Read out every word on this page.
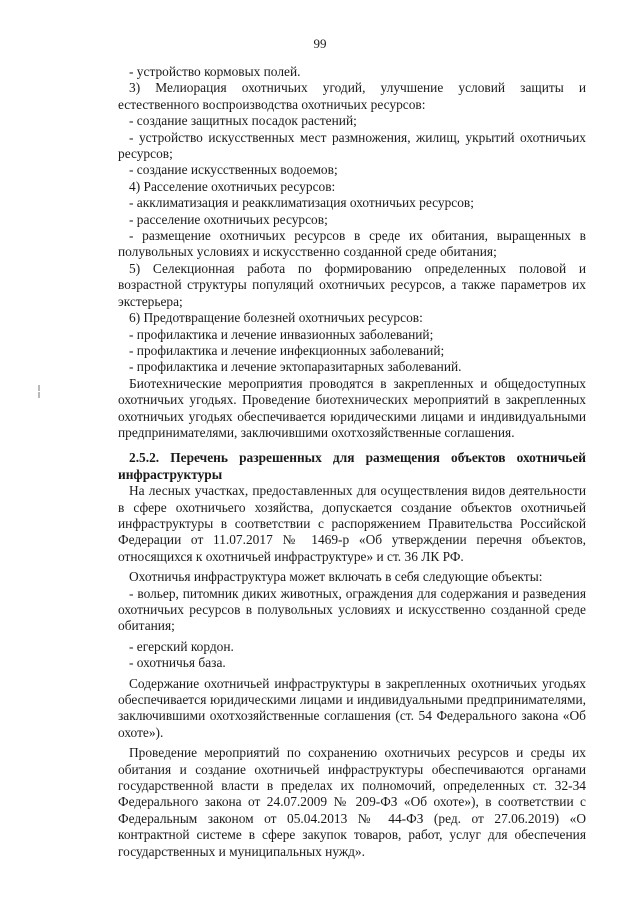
99

- устройство кормовых полей.

3) Мелиорация охотничьих угодий, улучшение условий защиты и естественного воспроизводства охотничьих ресурсов:

- создание защитных посадок растений;

- устройство искусственных мест размножения, жилищ, укрытий охотничьих ресурсов;

- создание искусственных водоемов;

4) Расселение охотничьих ресурсов:

- акклиматизация и реакклиматизация охотничьих ресурсов;

- расселение охотничьих ресурсов;

- размещение охотничьих ресурсов в среде их обитания, выращенных в полувольных условиях и искусственно созданной среде обитания;

5) Селекционная работа по формированию определенных половой и возрастной структуры популяций охотничьих ресурсов, а также параметров их экстерьера;

6) Предотвращение болезней охотничьих ресурсов:

- профилактика и лечение инвазионных заболеваний;

- профилактика и лечение инфекционных заболеваний;

- профилактика и лечение эктопаразитарных заболеваний.

Биотехнические мероприятия проводятся в закрепленных и общедоступных охотничьих угодьях. Проведение биотехнических мероприятий в закрепленных охотничьих угодьях обеспечивается юридическими лицами и индивидуальными предпринимателями, заключившими охотхозяйственные соглашения.

2.5.2. Перечень разрешенных для размещения объектов охотничьей инфраструктуры

На лесных участках, предоставленных для осуществления видов деятельности в сфере охотничьего хозяйства, допускается создание объектов охотничьей инфраструктуры в соответствии с распоряжением Правительства Российской Федерации от 11.07.2017 № 1469-р «Об утверждении перечня объектов, относящихся к охотничьей инфраструктуре» и ст. 36 ЛК РФ.

Охотничья инфраструктура может включать в себя следующие объекты:

- вольер, питомник диких животных, ограждения для содержания и разведения охотничьих ресурсов в полувольных условиях и искусственно созданной среде обитания;

- егерский кордон.

- охотничья база.

Содержание охотничьей инфраструктуры в закрепленных охотничьих угодьях обеспечивается юридическими лицами и индивидуальными предпринимателями, заключившими охотхозяйственные соглашения (ст. 54 Федерального закона «Об охоте»).

Проведение мероприятий по сохранению охотничьих ресурсов и среды их обитания и создание охотничьей инфраструктуры обеспечиваются органами государственной власти в пределах их полномочий, определенных ст. 32-34 Федерального закона от 24.07.2009 № 209-ФЗ «Об охоте»), в соответствии с Федеральным законом от 05.04.2013 № 44-ФЗ (ред. от 27.06.2019) «О контрактной системе в сфере закупок товаров, работ, услуг для обеспечения государственных и муниципальных нужд».
